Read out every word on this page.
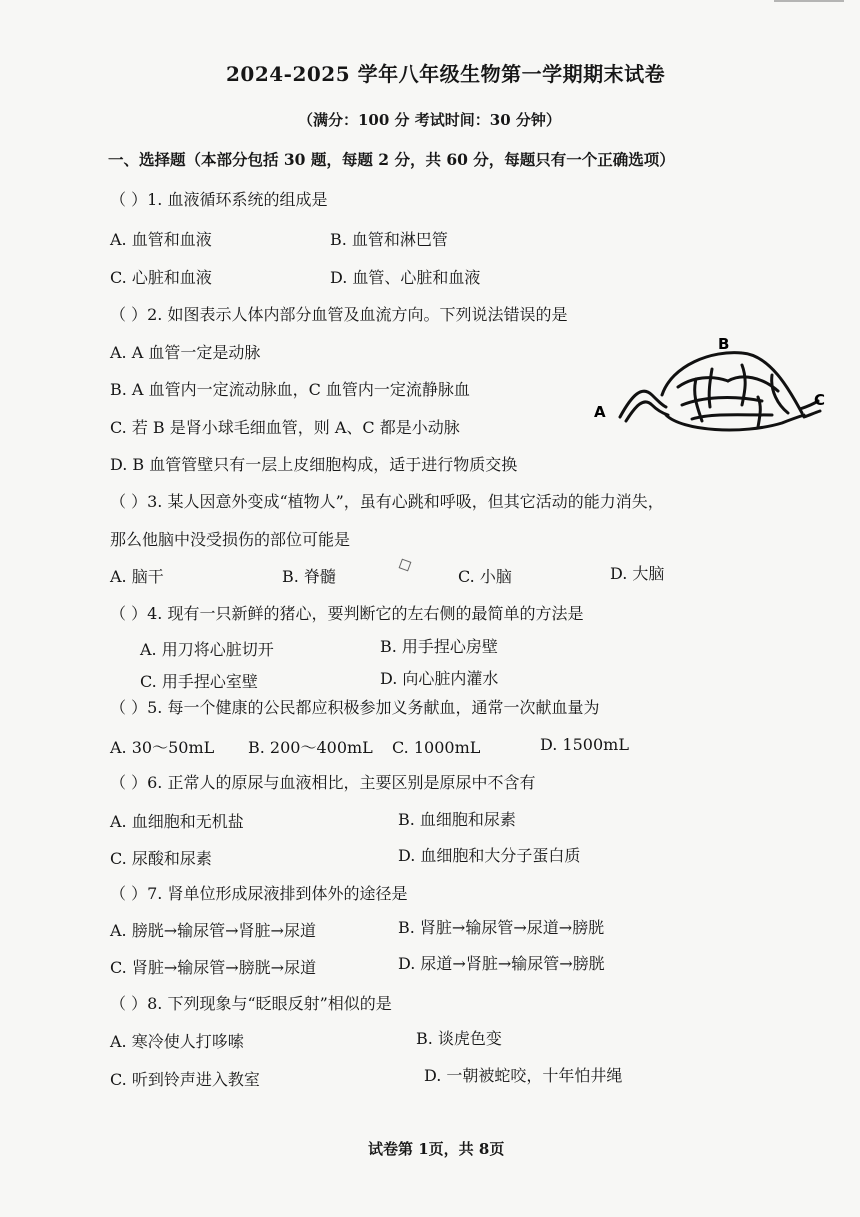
2024-2025 学年八年级生物第一学期期末试卷
（满分：100 分 考试时间：30 分钟）
一、选择题（本部分包括 30 题，每题 2 分，共 60 分，每题只有一个正确选项）
（ ）1. 血液循环系统的组成是
A. 血管和血液	B. 血管和淋巴管
C. 心脏和血液	D. 血管、心脏和血液
（ ）2. 如图表示人体内部分血管及血流方向。下列说法错误的是
A. A 血管一定是动脉
B. A 血管内一定流动脉血，C 血管内一定流静脉血
C. 若 B 是肾小球毛细血管，则 A、C 都是小动脉
D. B 血管管壁只有一层上皮细胞构成，适于进行物质交换
A
B
C
（ ）3. 某人因意外变成“植物人”，虽有心跳和呼吸，但其它活动的能力消失，
那么他脑中没受损伤的部位可能是
A. 脑干	B. 脊髓	C. 小脑	D. 大脑
（ ）4. 现有一只新鲜的猪心，要判断它的左右侧的最简单的方法是
A. 用刀将心脏切开	B. 用手捏心房壁
C. 用手捏心室壁	D. 向心脏内灌水
（ ）5. 每一个健康的公民都应积极参加义务献血，通常一次献血量为
A. 30～50mL B. 200～400mL C. 1000mL	D. 1500mL
（ ）6. 正常人的原尿与血液相比，主要区别是原尿中不含有
A. 血细胞和无机盐	B. 血细胞和尿素
C. 尿酸和尿素	D. 血细胞和大分子蛋白质
（ ）7. 肾单位形成尿液排到体外的途径是
A. 膀胱→输尿管→肾脏→尿道	B. 肾脏→输尿管→尿道→膀胱
C. 肾脏→输尿管→膀胱→尿道	D. 尿道→肾脏→输尿管→膀胱
（ ）8. 下列现象与“眨眼反射”相似的是
A. 寒冷使人打哆嗦	B. 谈虎色变
C. 听到铃声进入教室	D. 一朝被蛇咬，十年怕井绳
试卷第 1页，共 8页
